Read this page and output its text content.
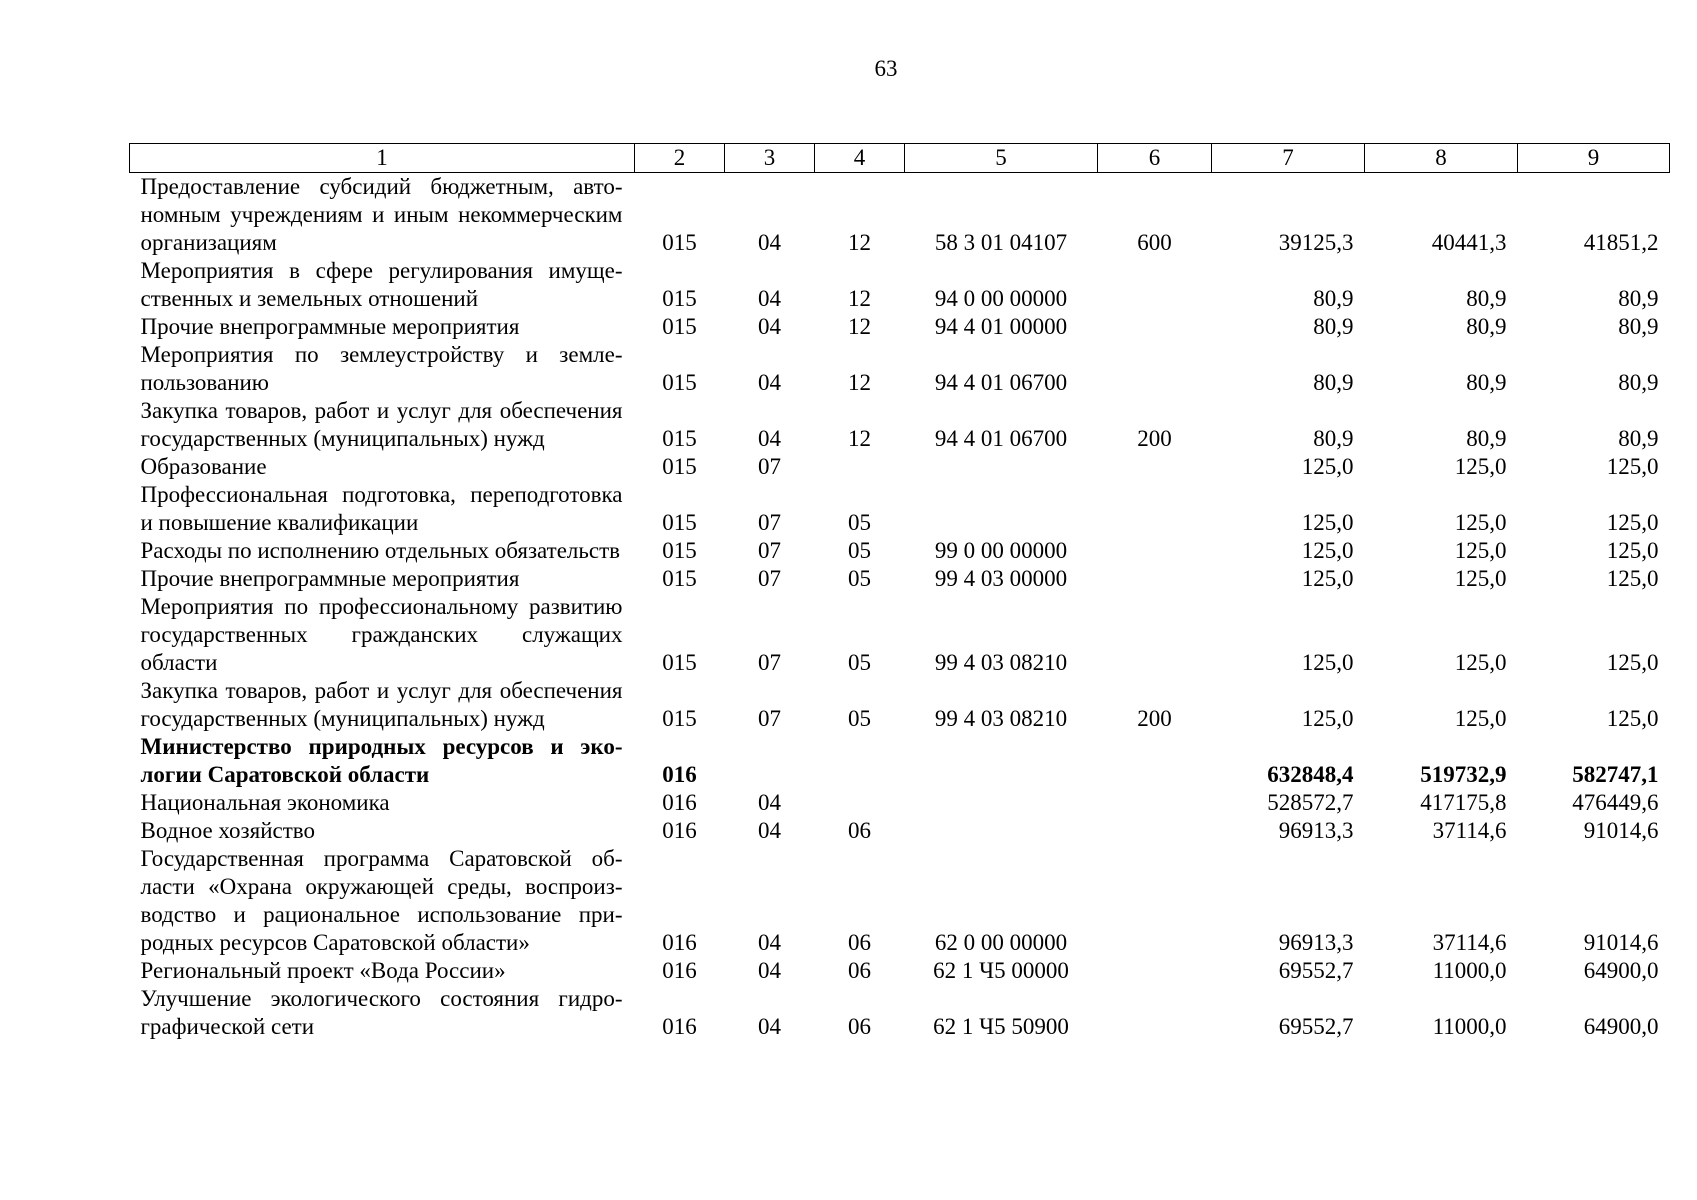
63
1	2	3	4	5	6	7	8	9
Предоставление субсидий бюджетным, автономным учреждениям и иным некоммерческим организациям	015	04	12	58 3 01 04107	600	39125,3	40441,3	41851,2
Мероприятия в сфере регулирования имущественных и земельных отношений	015	04	12	94 0 00 00000		80,9	80,9	80,9
Прочие внепрограммные мероприятия	015	04	12	94 4 01 00000		80,9	80,9	80,9
Мероприятия по землеустройству и землепользованию	015	04	12	94 4 01 06700		80,9	80,9	80,9
Закупка товаров, работ и услуг для обеспечения государственных (муниципальных) нужд	015	04	12	94 4 01 06700	200	80,9	80,9	80,9
Образование	015	07				125,0	125,0	125,0
Профессиональная подготовка, переподготовка и повышение квалификации	015	07	05			125,0	125,0	125,0
Расходы по исполнению отдельных обязательств	015	07	05	99 0 00 00000		125,0	125,0	125,0
Прочие внепрограммные мероприятия	015	07	05	99 4 03 00000		125,0	125,0	125,0
Мероприятия по профессиональному развитию государственных гражданских служащих области	015	07	05	99 4 03 08210		125,0	125,0	125,0
Закупка товаров, работ и услуг для обеспечения государственных (муниципальных) нужд	015	07	05	99 4 03 08210	200	125,0	125,0	125,0
Министерство природных ресурсов и экологии Саратовской области	016					632848,4	519732,9	582747,1
Национальная экономика	016	04				528572,7	417175,8	476449,6
Водное хозяйство	016	04	06			96913,3	37114,6	91014,6
Государственная программа Саратовской области «Охрана окружающей среды, воспроизводство и рациональное использование природных ресурсов Саратовской области»	016	04	06	62 0 00 00000		96913,3	37114,6	91014,6
Региональный проект «Вода России»	016	04	06	62 1 Ч5 00000		69552,7	11000,0	64900,0
Улучшение экологического состояния гидрографической сети	016	04	06	62 1 Ч5 50900		69552,7	11000,0	64900,0
